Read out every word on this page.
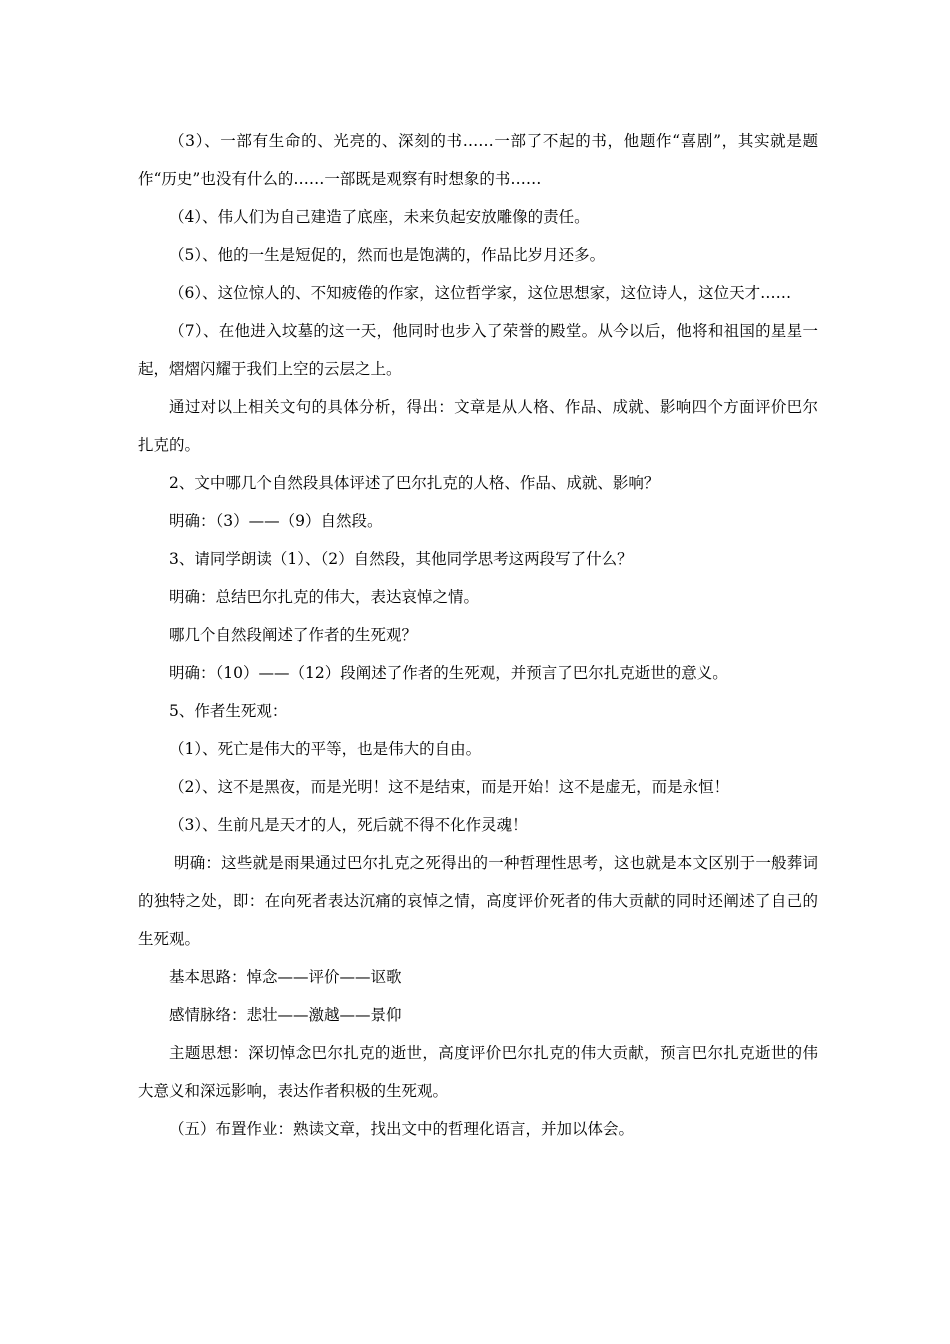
（3）、一部有生命的、光亮的、深刻的书……一部了不起的书，他题作“喜剧”，其实就是题作“历史”也没有什么的……一部既是观察有时想象的书……

（4）、伟人们为自己建造了底座，未来负起安放雕像的责任。

（5）、他的一生是短促的，然而也是饱满的，作品比岁月还多。

（6）、这位惊人的、不知疲倦的作家，这位哲学家，这位思想家，这位诗人，这位天才……

（7）、在他进入坟墓的这一天，他同时也步入了荣誉的殿堂。从今以后，他将和祖国的星星一起，熠熠闪耀于我们上空的云层之上。

通过对以上相关文句的具体分析，得出：文章是从人格、作品、成就、影响四个方面评价巴尔扎克的。

2、文中哪几个自然段具体评述了巴尔扎克的人格、作品、成就、影响？

明确：（3）——（9）自然段。

3、请同学朗读（1）、（2）自然段，其他同学思考这两段写了什么？

明确：总结巴尔扎克的伟大，表达哀悼之情。

哪几个自然段阐述了作者的生死观？

明确：（10）——（12）段阐述了作者的生死观，并预言了巴尔扎克逝世的意义。

5、作者生死观：

（1）、死亡是伟大的平等，也是伟大的自由。

（2）、这不是黑夜，而是光明！这不是结束，而是开始！这不是虚无，而是永恒！

（3）、生前凡是天才的人，死后就不得不化作灵魂！

明确：这些就是雨果通过巴尔扎克之死得出的一种哲理性思考，这也就是本文区别于一般葬词的独特之处，即：在向死者表达沉痛的哀悼之情，高度评价死者的伟大贡献的同时还阐述了自己的生死观。

基本思路：悼念——评价——讴歌

感情脉络：悲壮——激越——景仰

主题思想：深切悼念巴尔扎克的逝世，高度评价巴尔扎克的伟大贡献，预言巴尔扎克逝世的伟大意义和深远影响，表达作者积极的生死观。

（五）布置作业：熟读文章，找出文中的哲理化语言，并加以体会。
